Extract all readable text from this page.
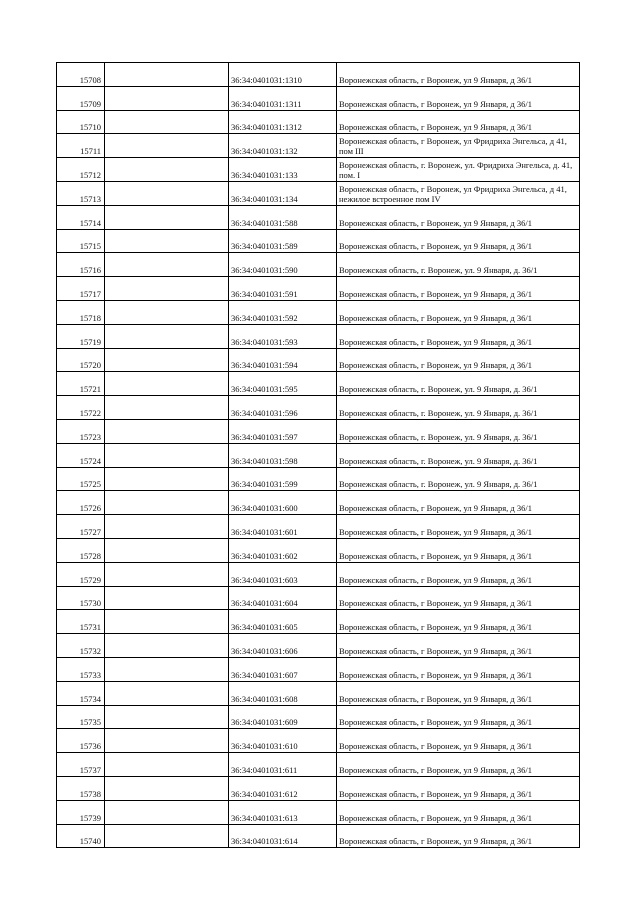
15708		36:34:0401031:1310	Воронежская область, г Воронеж, ул 9 Января, д 36/1
15709		36:34:0401031:1311	Воронежская область, г Воронеж, ул 9 Января, д 36/1
15710		36:34:0401031:1312	Воронежская область, г Воронеж, ул 9 Января, д 36/1
15711		36:34:0401031:132	Воронежская область, г Воронеж, ул Фридриха Энгельса, д 41, пом III
15712		36:34:0401031:133	Воронежская область, г. Воронеж, ул. Фридриха Энгельса, д. 41, пом. I
15713		36:34:0401031:134	Воронежская область, г Воронеж, ул Фридриха Энгельса, д 41, нежилое встроенное пом IV
15714		36:34:0401031:588	Воронежская область, г Воронеж, ул 9 Января, д 36/1
15715		36:34:0401031:589	Воронежская область, г Воронеж, ул 9 Января, д 36/1
15716		36:34:0401031:590	Воронежская область, г. Воронеж, ул. 9 Января, д. 36/1
15717		36:34:0401031:591	Воронежская область, г Воронеж, ул 9 Января, д 36/1
15718		36:34:0401031:592	Воронежская область, г Воронеж, ул 9 Января, д 36/1
15719		36:34:0401031:593	Воронежская область, г Воронеж, ул 9 Января, д 36/1
15720		36:34:0401031:594	Воронежская область, г Воронеж, ул 9 Января, д 36/1
15721		36:34:0401031:595	Воронежская область, г. Воронеж, ул. 9 Января, д. 36/1
15722		36:34:0401031:596	Воронежская область, г. Воронеж, ул. 9 Января, д. 36/1
15723		36:34:0401031:597	Воронежская область, г. Воронеж, ул. 9 Января, д. 36/1
15724		36:34:0401031:598	Воронежская область, г. Воронеж, ул. 9 Января, д. 36/1
15725		36:34:0401031:599	Воронежская область, г. Воронеж, ул. 9 Января, д. 36/1
15726		36:34:0401031:600	Воронежская область, г Воронеж, ул 9 Января, д 36/1
15727		36:34:0401031:601	Воронежская область, г Воронеж, ул 9 Января, д 36/1
15728		36:34:0401031:602	Воронежская область, г Воронеж, ул 9 Января, д 36/1
15729		36:34:0401031:603	Воронежская область, г Воронеж, ул 9 Января, д 36/1
15730		36:34:0401031:604	Воронежская область, г Воронеж, ул 9 Января, д 36/1
15731		36:34:0401031:605	Воронежская область, г Воронеж, ул 9 Января, д 36/1
15732		36:34:0401031:606	Воронежская область, г Воронеж, ул 9 Января, д 36/1
15733		36:34:0401031:607	Воронежская область, г Воронеж, ул 9 Января, д 36/1
15734		36:34:0401031:608	Воронежская область, г Воронеж, ул 9 Января, д 36/1
15735		36:34:0401031:609	Воронежская область, г Воронеж, ул 9 Января, д 36/1
15736		36:34:0401031:610	Воронежская область, г Воронеж, ул 9 Января, д 36/1
15737		36:34:0401031:611	Воронежская область, г Воронеж, ул 9 Января, д 36/1
15738		36:34:0401031:612	Воронежская область, г Воронеж, ул 9 Января, д 36/1
15739		36:34:0401031:613	Воронежская область, г Воронеж, ул 9 Января, д 36/1
15740		36:34:0401031:614	Воронежская область, г Воронеж, ул 9 Января, д 36/1
